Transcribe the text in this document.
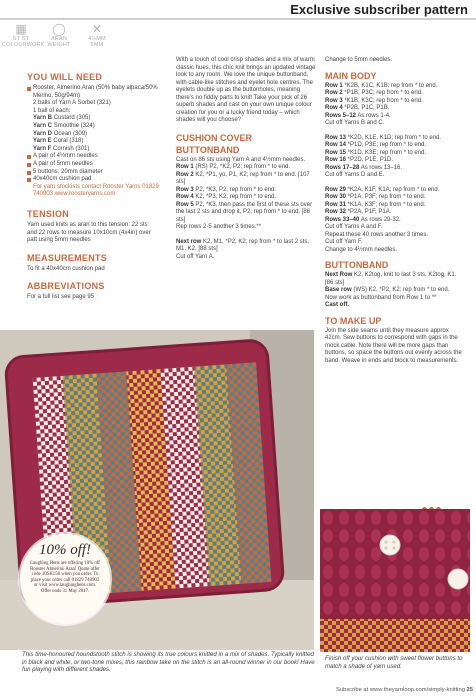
Exclusive subscriber pattern
▦
ST ST
COLOURWORK
◯
ARAN
WEIGHT
✕
4½MM
5MM
YOU WILL NEED
Rooster, Almerino Aran (50% baby alpaca/50% Merino, 50g/94m)
2 balls of Yarn A Sorbet (321)
1 ball of each:
Yarn B Custard (305)
Yarn C Smoothie (324)
Yarn D Ocean (309)
Yarn E Coral (318)
Yarn F Cornish (301)
A pair of 4½mm needles
A pair of 5mm needles
5 buttons, 20mm diameter
40x40cm cushion pad
For yarn stockists contact Rooster Yarns 01829 740903 www.roosteryarns.com
TENSION
Yarn used knits as aran to this tension: 22 sts and 22 rows to measure 10x10cm (4x4in) over patt using 5mm needles
MEASUREMENTS
To fit a 40x40cm cushion pad
ABBREVIATIONS
For a full list see page 95

With a touch of cool crisp shades and a mix of warm classic hues, this chic knit brings an updated vintage look to any room. We love the unique buttonband, with cable-like stitches and eyelet hole centres. The eyelets double up as the buttonholes, meaning there's no fiddly parts to knit! Take your pick of 26 superb shades and cast on your own unique colour creation for you or a lucky friend today – which shades will you choose?

CUSHION COVER
BUTTONBAND

Cast on 86 sts using Yarn A and 4½mm needles.

Row 1 (RS) P2, *K2, P2; rep from * to end.

Row 2 K2, *P1, yo, P1, K2; rep from * to end. [107 sts]

Row 3 P2, *K3, P2; rep from * to end.

Row 4 K2, *P3, K2; rep from * to end.

Row 5 P2, *K3, then pass the first of these sts over the last 2 sts and drop it, P2; rep from * to end. [86 sts]

Rep rows 2-5 another 3 times.**

Next row K2, M1, *P2, K2; rep from * to last 2 sts, M1, K2. [88 sts]

Cut off Yarn A.

Change to 5mm needles.

MAIN BODY

Row 1 *K2B, K1C, K1B; rep from * to end.

Row 2 *P1B, P3C; rep from * to end.

Row 3 *K1B, K3C; rep from * to end.

Row 4 *P2B, P1C, P1B.

Rows 5–12 As rows 1-4.

Cut off Yarns B and C.

Row 13 *K2D, K1E, K1D; rep from * to end.

Row 14 *P1D, P3E; rep from * to end.

Row 15 *K1D, K3E; rep from * to end.

Row 16 *P2D, P1E, P1D.

Rows 17–28 As rows 13–16.

Cut off Yarns D and E.

Row 29 *K2A, K1F, K1A; rep from * to end.

Row 30 *P1A, P3F; rep from * to end.

Row 31 *K1A, K3F; rep from * to end.

Row 32 *P2A, P1F, P1A.

Rows 33–40 As rows 29-32.

Cut off Yarns A and F.

Repeat these 40 rows another 3 times.

Cut off Yarn F.

Change to 4½mm needles.

BUTTONBAND

Next Row K2, K2tog, knit to last 3 sts, K2tog, K1. [86 sts]

Base row (WS) K2, *P2, K2; rep from * to end.

Now work as buttonband from Row 1 to **

Cast off.

TO MAKE UP

Join the side seams until they measure approx 42cm. Sew buttons to correspond with gaps in the mock cable. Note there will be more gaps than buttons, so space the buttons out evenly across the band. Weave in ends and block to measurements.

10% off!
Laughing Hens are offering 10% off Rooster Almerino Aran! Quote offer code 10SK158 when you order. To place your order call 01829 740903 or visit www.laughinghens.com. Offer ends 31 May 2017.
This time-honoured houndstooth stitch is showing its true colours knitted in a mix of shades. Typically knitted in black and white, or two-tone mixes, this rainbow take on the stitch is an all-round winner in our book! Have fun playing with different shades.
Finish off your cushion with sweet flower buttons to match a shade of yarn used.
Subscribe at www.theyarnloop.com/simply-knitting 25
